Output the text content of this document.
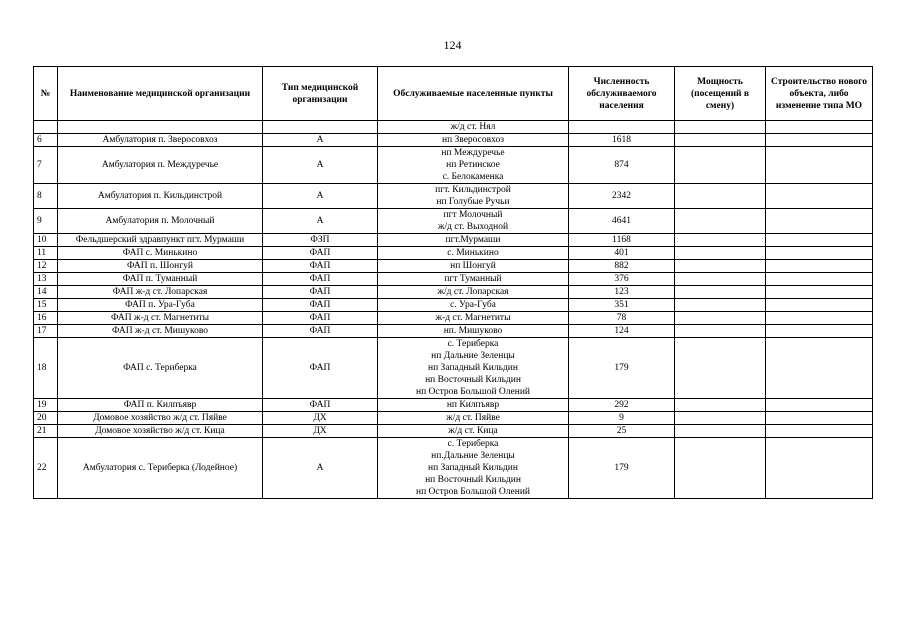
124
№	Наименование медицинской организации	Тип медицинской организации	Обслуживаемые населенные пункты	Численность обслуживаемого населения	Мощность (посещений в смену)	Строительство нового объекта, либо изменение типа МО

			ж/д ст. Нял			

6	Амбулатория п. Зверосовхоз	А	нп Зверосовхоз	1618		
7	Амбулатория п. Междуречье	А	нп Междуречье
нп Ретинское
с. Белокаменка	874		
8	Амбулатория п. Кильдинстрой	А	пгт. Кильдинстрой
нп Голубые Ручьи	2342		
9	Амбулатория п. Молочный	А	пгт Молочный
ж/д ст. Выходной	4641		
10	Фельдшерский здравпункт пгт. Мурмаши	ФЗП	пгт.Мурмаши	1168		
11	ФАП с. Минькино	ФАП	с. Минькино	401		
12	ФАП п. Шонгуй	ФАП	нп Шонгуй	882		
13	ФАП п. Туманный	ФАП	пгт Туманный	376		
14	ФАП ж-д ст. Лопарская	ФАП	ж/д ст. Лопарская	123		
15	ФАП п. Ура-Губа	ФАП	с. Ура-Губа	351		
16	ФАП ж-д ст. Магнетиты	ФАП	ж-д ст. Магнетиты	78		
17	ФАП ж-д ст. Мишуково	ФАП	нп. Мишуково	124		
18	ФАП с. Териберка	ФАП	с. Териберка
нп Дальние Зеленцы
нп Западный Кильдин
нп Восточный Кильдин
нп Остров Большой Олений	179		
19	ФАП п. Килпъявр	ФАП	нп Килпъявр	292		
20	Домовое хозяйство ж/д ст. Пяйве	ДХ	ж/д ст. Пяйве	9		
21	Домовое хозяйство ж/д ст. Кица	ДХ	ж/д ст. Кица	25		
22	Амбулатория с. Териберка (Лодейное)	А	с. Териберка
нп.Дальние Зеленцы
нп Западный Кильдин
нп Восточный Кильдин
нп Остров Большой Олений	179		
